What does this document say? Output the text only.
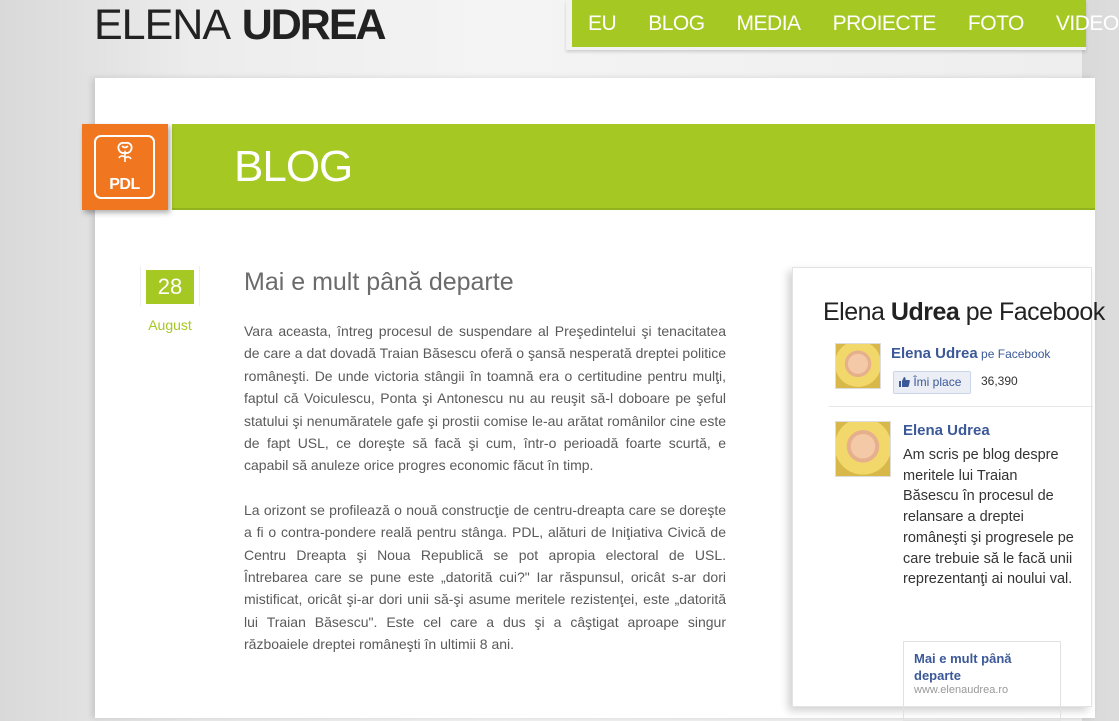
ELENA UDREA	EU BLOG MEDIA PROIECTE FOTO VIDEO
BLOG
PDL
28
August
Mai e mult până departe

Vara aceasta, întreg procesul de suspendare al Preşedintelui şi tenacitatea de care a dat dovadă Traian Băsescu oferă o şansă nesperată dreptei politice româneşti. De unde victoria stângii în toamnă era o certitudine pentru mulţi, faptul că Voiculescu, Ponta şi Antonescu nu au reuşit să-l doboare pe şeful statului şi nenumăratele gafe şi prostii comise le-au arătat românilor cine este de fapt USL, ce doreşte să facă şi cum, într-o perioadă foarte scurtă, e capabil să anuleze orice progres economic făcut în timp.

La orizont se profilează o nouă construcţie de centru-dreapta care se doreşte a fi o contra-pondere reală pentru stânga. PDL, alături de Iniţiativa Civică de Centru Dreapta şi Noua Republică se pot apropia electoral de USL. Întrebarea care se pune este „datorită cui?" Iar răspunsul, oricât s-ar dori mistificat, oricât şi-ar dori unii să-şi asume meritele rezistenţei, este „datorită lui Traian Băsescu". Este cel care a dus şi a câştigat aproape singur războaiele dreptei româneşti în ultimii 8 ani.

Elena Udrea pe Facebook
Elena Udrea pe Facebook
Îmi place	36,390
Elena Udrea
Am scris pe blog despre meritele lui Traian Băsescu în procesul de relansare a dreptei româneşti şi progresele pe care trebuie să le facă unii reprezentanţi ai noului val.
Mai e mult până departe
www.elenaudrea.ro
